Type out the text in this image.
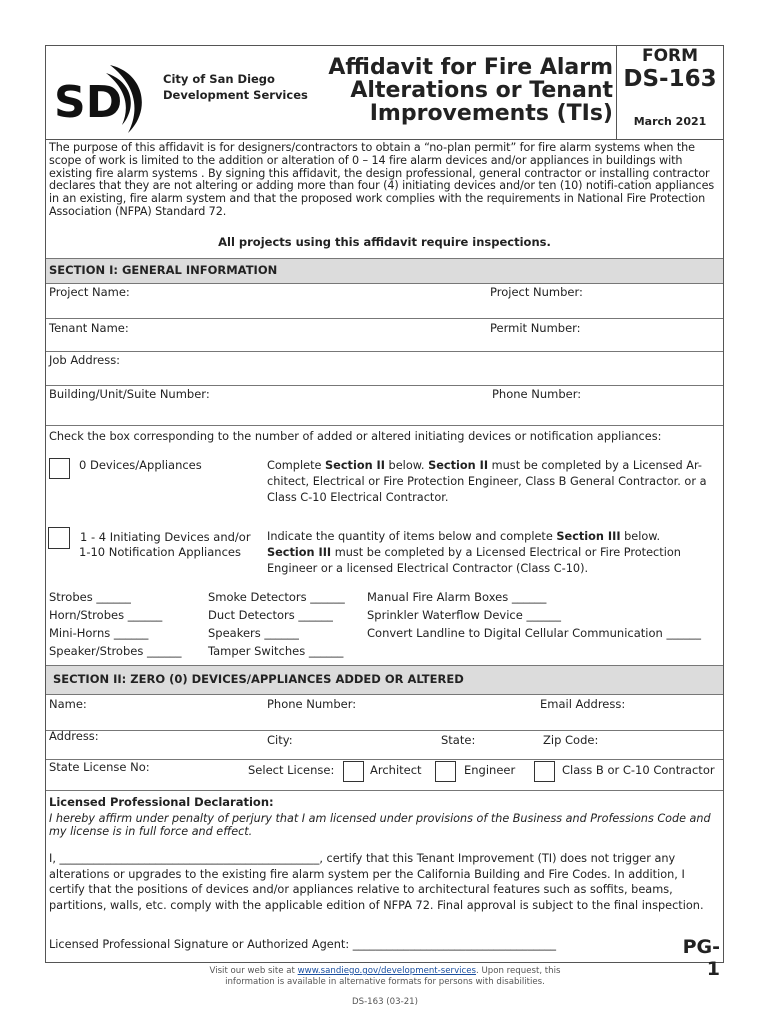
SD	City of San Diego
Development Services
Affidavit for Fire Alarm
Alterations or Tenant
Improvements (TIs)
FORM
DS-163
March 2021
The purpose of this affidavit is for designers/contractors to obtain a “no-plan permit” for fire alarm systems when the scope of work is limited to the addition or alteration of 0 – 14 fire alarm devices and/or appliances in buildings with existing fire alarm systems . By signing this affidavit, the design professional, general contractor or installing contractor declares that they are not altering or adding more than four (4) initiating devices and/or ten (10) notifi-cation appliances in an existing, fire alarm system and that the proposed work complies with the requirements in National Fire Protection Association (NFPA) Standard 72.
All projects using this affidavit require inspections.
SECTION I: GENERAL INFORMATION
Project Name:	Project Number:
Tenant Name:	Permit Number:
Job Address:
Building/Unit/Suite Number:	Phone Number:
Check the box corresponding to the number of added or altered initiating devices or notification appliances:
0 Devices/Appliances	Complete Section II below. Section II must be completed by a Licensed Ar-chitect, Electrical or Fire Protection Engineer, Class B General Contractor. or a Class C-10 Electrical Contractor.
1 - 4 Initiating Devices and/or
1-10 Notification Appliances
Indicate the quantity of items below and complete Section III below.
Section III must be completed by a Licensed Electrical or Fire Protection Engineer or a licensed Electrical Contractor (Class C-10).
Strobes ______
Horn/Strobes ______
Mini-Horns ______
Speaker/Strobes ______
Smoke Detectors ______
Duct Detectors ______
Speakers ______
Tamper Switches ______
Manual Fire Alarm Boxes ______
Sprinkler Waterflow Device ______
Convert Landline to Digital Cellular Communication ______
SECTION II: ZERO (0) DEVICES/APPLIANCES ADDED OR ALTERED
Name:	Phone Number:	Email Address:
Address:	City:	State:	Zip Code:
State License No:	Select License:	Architect	Engineer	Class B or C-10 Contractor
Licensed Professional Declaration:
I hereby affirm under penalty of perjury that I am licensed under provisions of the Business and Professions Code and my license is in full force and effect.
I, ______________________________________________, certify that this Tenant Improvement (TI) does not trigger any alterations or upgrades to the existing fire alarm system per the California Building and Fire Codes. In addition, I certify that the positions of devices and/or appliances relative to architectural features such as soffits, beams, partitions, walls, etc. comply with the applicable edition of NFPA 72. Final approval is subject to the final inspection.
Licensed Professional Signature or Authorized Agent: ____________________________________	PG-1
Visit our web site at www.sandiego.gov/development-services. Upon request, this
information is available in alternative formats for persons with disabilities.
DS-163 (03-21)
